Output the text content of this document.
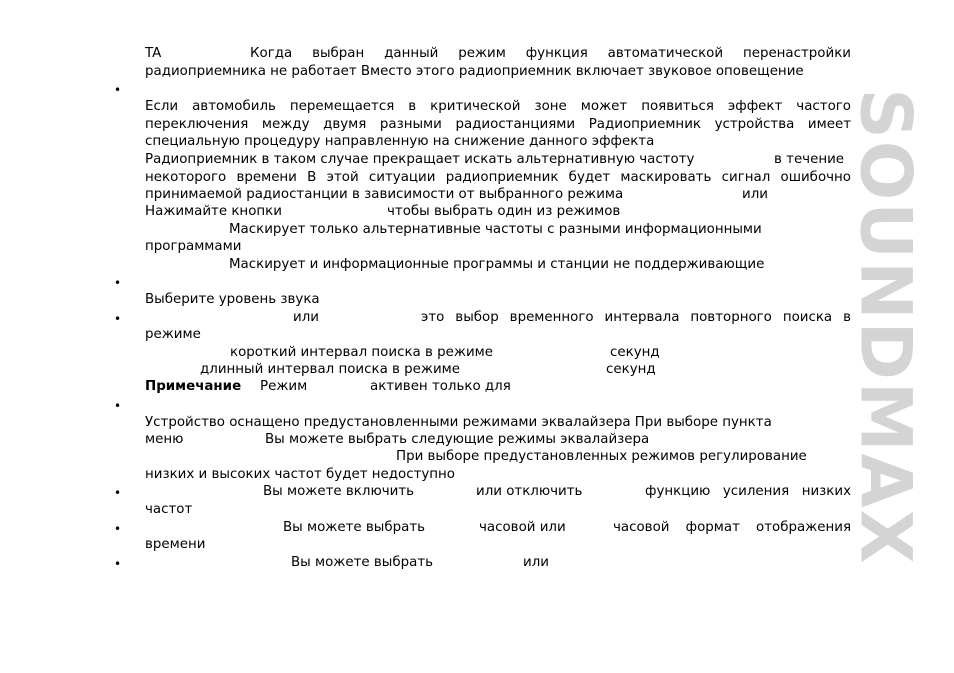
•
•
•
•
•
•
•
TA	Когда выбран данный режим функция автоматической перенастройки
радиоприемника не работает Вместо этого радиоприемник включает звуковое оповещение
Если автомобиль перемещается в критической зоне может появиться эффект частого
переключения между двумя разными радиостанциями Радиоприемник устройства имеет
специальную процедуру направленную на снижение данного эффекта
Радиоприемник в таком случае прекращает искать альтернативную частоту	в течение
некоторого времени В этой ситуации радиоприемник будет маскировать сигнал ошибочно
принимаемой радиостанции в зависимости от выбранного режима	или
Нажимайте кнопки	чтобы выбрать один из режимов
Маскирует только альтернативные частоты с разными информационными
программами
Маскирует и информационные программы и станции не поддерживающие
Выберите уровень звука
или	это выбор временного интервала повторного поиска в
режиме
короткий интервал поиска в режиме	секунд
длинный интервал поиска в режиме	секунд
Примечание Режим	активен только для
Устройство оснащено предустановленными режимами эквалайзера При выборе пункта
меню	Вы можете выбрать следующие режимы эквалайзера
При выборе предустановленных режимов регулирование
низких и высоких частот будет недоступно
Вы можете включить	или отключить	функцию усиления низких
частот
Вы можете выбрать	часовой или	часовой формат отображения
времени
Вы можете выбрать	или	SOUNDMAX
